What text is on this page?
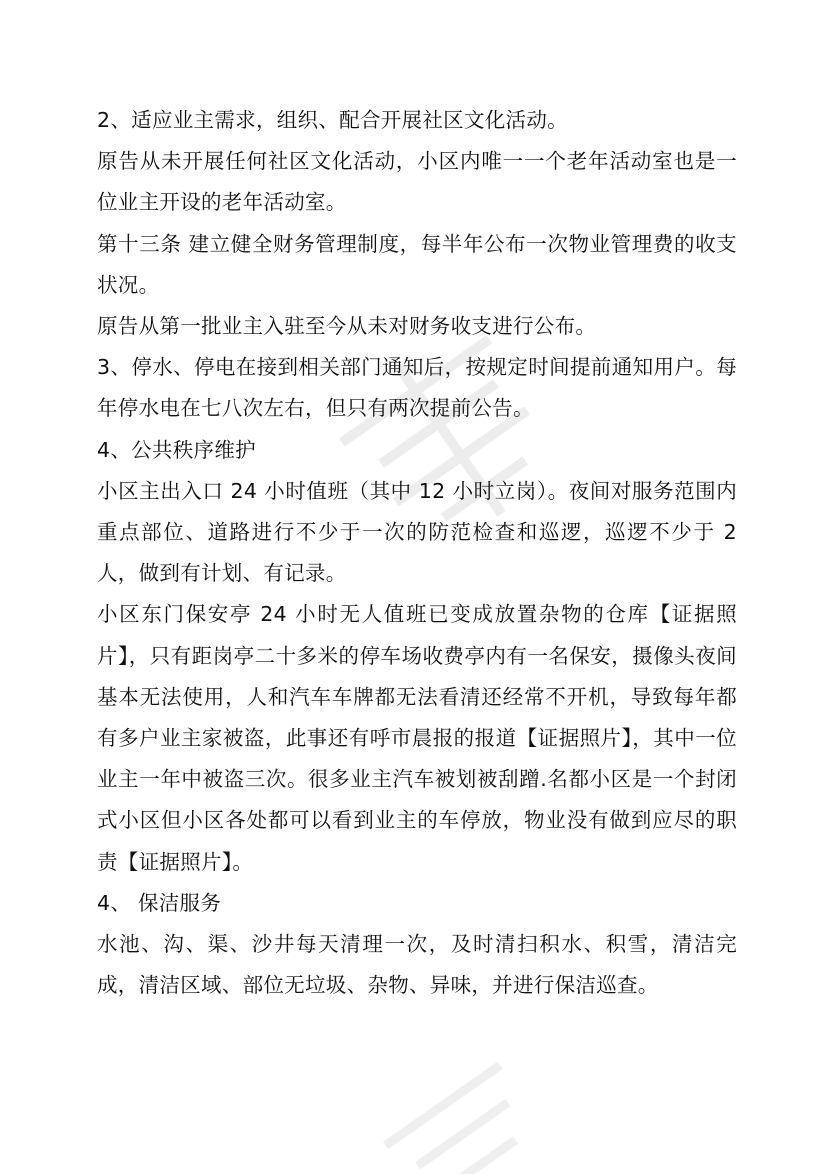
2、适应业主需求，组织、配合开展社区文化活动。

原告从未开展任何社区文化活动，小区内唯一一个老年活动室也是一位业主开设的老年活动室。

第十三条 建立健全财务管理制度，每半年公布一次物业管理费的收支状况。

原告从第一批业主入驻至今从未对财务收支进行公布。

3、停水、停电在接到相关部门通知后，按规定时间提前通知用户。每年停水电在七八次左右，但只有两次提前公告。

4、公共秩序维护

小区主出入口 24 小时值班（其中 12 小时立岗）。夜间对服务范围内重点部位、道路进行不少于一次的防范检查和巡逻，巡逻不少于 2 人，做到有计划、有记录。

小区东门保安亭 24 小时无人值班已变成放置杂物的仓库【证据照片】，只有距岗亭二十多米的停车场收费亭内有一名保安，摄像头夜间基本无法使用，人和汽车车牌都无法看清还经常不开机，导致每年都有多户业主家被盗，此事还有呼市晨报的报道【证据照片】，其中一位业主一年中被盗三次。很多业主汽车被划被刮蹭.名都小区是一个封闭式小区但小区各处都可以看到业主的车停放，物业没有做到应尽的职责【证据照片】。

4、 保洁服务

水池、沟、渠、沙井每天清理一次，及时清扫积水、积雪，清洁完成，清洁区域、部位无垃圾、杂物、异味，并进行保洁巡查。
